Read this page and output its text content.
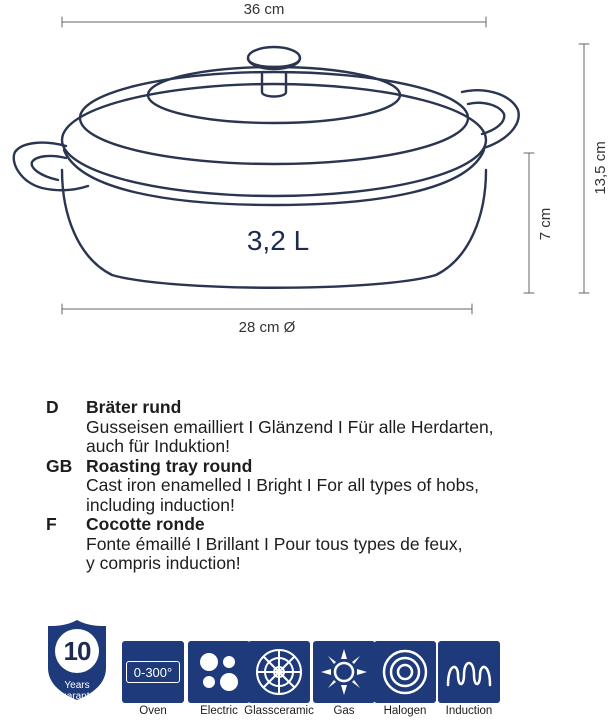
36 cm
13,5 cm
7 cm
28 cm Ø
3,2 L
D Bräter rund
Gusseisen emailliert I Glänzend I Für alle Herdarten,
auch für Induktion!
GB Roasting tray round
Cast iron enamelled I Bright I For all types of hobs,
including induction!
F Cocotte ronde
Fonte émaillé I Brillant I Pour tous types de feux,
y compris induction!
10
Years
Guarantee
0-300°
Oven	Electric Glassceramic	Gas	Halogen	Induction
